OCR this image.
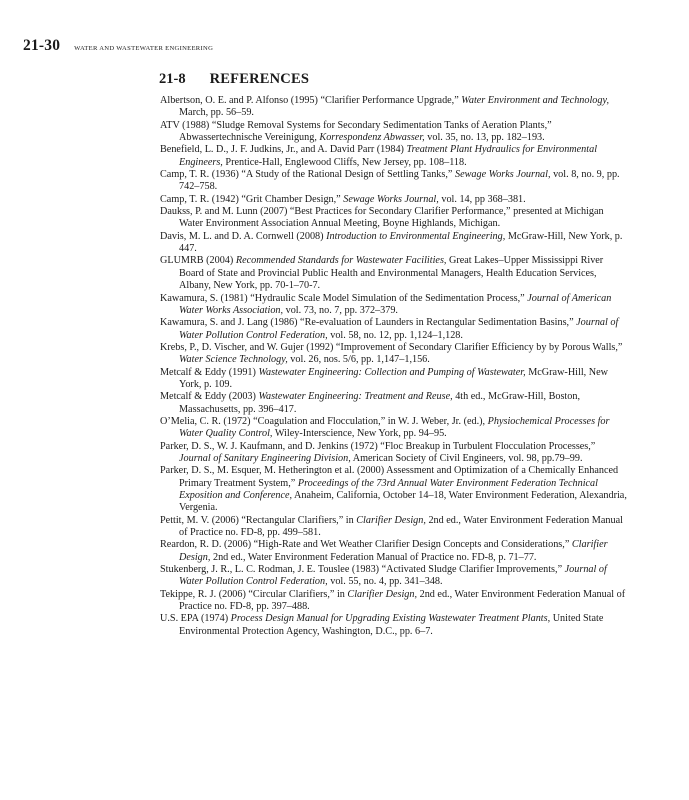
21-30 WATER AND WASTEWATER ENGINEERING
21-8 REFERENCES
Albertson, O. E. and P. Alfonso (1995) “Clarifier Performance Upgrade,” Water Environment and Technology, March, pp. 56–59.
ATV (1988) “Sludge Removal Systems for Secondary Sedimentation Tanks of Aeration Plants,” Abwassertechnische Vereinigung, Korrespondenz Abwasser, vol. 35, no. 13, pp. 182–193.
Benefield, L. D., J. F. Judkins, Jr., and A. David Parr (1984) Treatment Plant Hydraulics for Environmental Engineers, Prentice-Hall, Englewood Cliffs, New Jersey, pp. 108–118.
Camp, T. R. (1936) “A Study of the Rational Design of Settling Tanks,” Sewage Works Journal, vol. 8, no. 9, pp. 742–758.
Camp, T. R. (1942) “Grit Chamber Design,” Sewage Works Journal, vol. 14, pp 368–381.
Daukss, P. and M. Lunn (2007) “Best Practices for Secondary Clarifier Performance,” presented at Michigan Water Environment Association Annual Meeting, Boyne Highlands, Michigan.
Davis, M. L. and D. A. Cornwell (2008) Introduction to Environmental Engineering, McGraw-Hill, New York, p. 447.
GLUMRB (2004) Recommended Standards for Wastewater Facilities, Great Lakes–Upper Mississippi River Board of State and Provincial Public Health and Environmental Managers, Health Education Services, Albany, New York, pp. 70-1–70-7.
Kawamura, S. (1981) “Hydraulic Scale Model Simulation of the Sedimentation Process,” Journal of American Water Works Association, vol. 73, no. 7, pp. 372–379.
Kawamura, S. and J. Lang (1986) “Re-evaluation of Launders in Rectangular Sedimentation Basins,” Journal of Water Pollution Control Federation, vol. 58, no. 12, pp. 1,124–1,128.
Krebs, P., D. Vischer, and W. Gujer (1992) “Improvement of Secondary Clarifier Efficiency by by Porous Walls,” Water Science Technology, vol. 26, nos. 5/6, pp. 1,147–1,156.
Metcalf & Eddy (1991) Wastewater Engineering: Collection and Pumping of Wastewater, McGraw-Hill, New York, p. 109.
Metcalf & Eddy (2003) Wastewater Engineering: Treatment and Reuse, 4th ed., McGraw-Hill, Boston, Massachusetts, pp. 396–417.
O’Melia, C. R. (1972) “Coagulation and Flocculation,” in W. J. Weber, Jr. (ed.), Physiochemical Processes for Water Quality Control, Wiley-Interscience, New York, pp. 94–95.
Parker, D. S., W. J. Kaufmann, and D. Jenkins (1972) “Floc Breakup in Turbulent Flocculation Processes,” Journal of Sanitary Engineering Division, American Society of Civil Engineers, vol. 98, pp.79–99.
Parker, D. S., M. Esquer, M. Hetherington et al. (2000) Assessment and Optimization of a Chemically Enhanced Primary Treatment System,” Proceedings of the 73rd Annual Water Environment Federation Technical Exposition and Conference, Anaheim, California, October 14–18, Water Environment Federation, Alexandria, Vergenia.
Pettit, M. V. (2006) “Rectangular Clarifiers,” in Clarifier Design, 2nd ed., Water Environment Federation Manual of Practice no. FD-8, pp. 499–581.
Reardon, R. D. (2006) “High-Rate and Wet Weather Clarifier Design Concepts and Considerations,” Clarifier Design, 2nd ed., Water Environment Federation Manual of Practice no. FD-8, p. 71–77.
Stukenberg, J. R., L. C. Rodman, J. E. Touslee (1983) “Activated Sludge Clarifier Improvements,” Journal of Water Pollution Control Federation, vol. 55, no. 4, pp. 341–348.
Tekippe, R. J. (2006) “Circular Clarifiers,” in Clarifier Design, 2nd ed., Water Environment Federation Manual of Practice no. FD-8, pp. 397–488.
U.S. EPA (1974) Process Design Manual for Upgrading Existing Wastewater Treatment Plants, United State Environmental Protection Agency, Washington, D.C., pp. 6–7.
